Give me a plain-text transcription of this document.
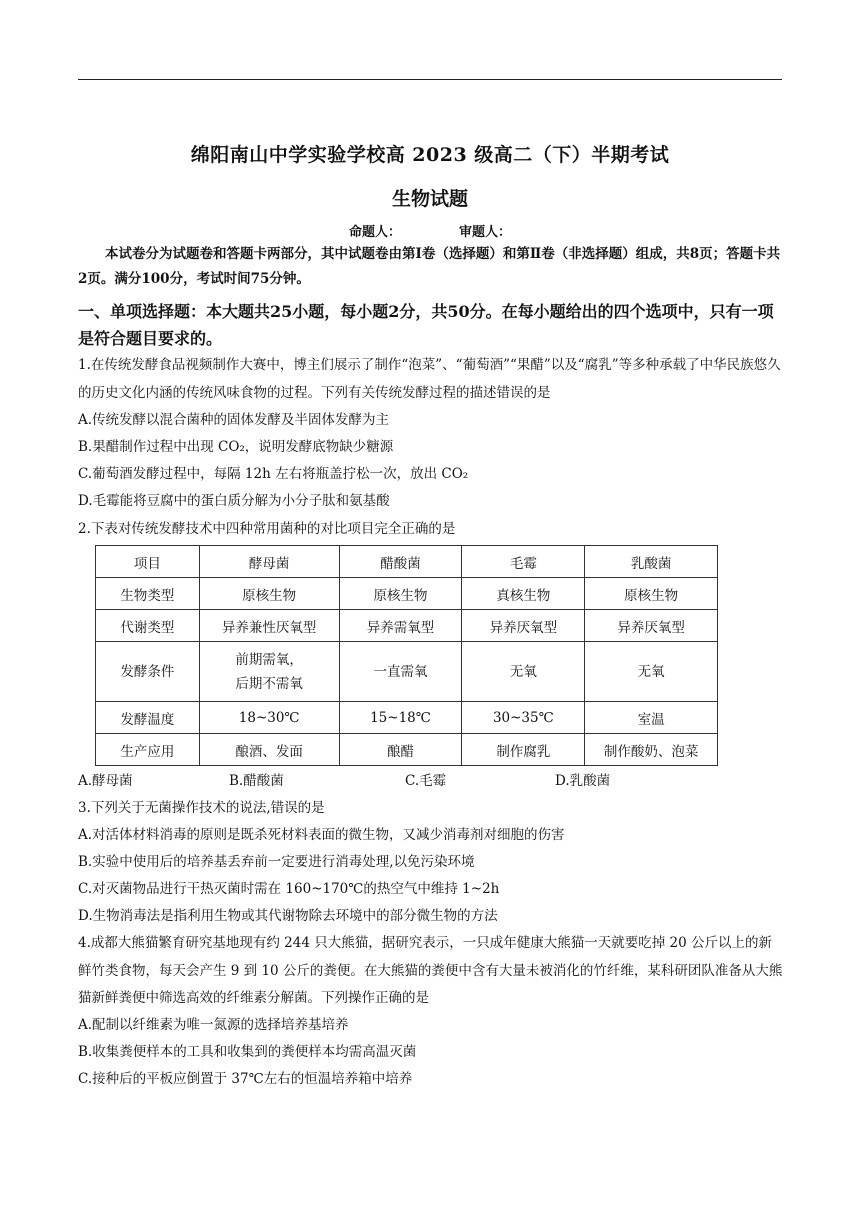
绵阳南山中学实验学校高 2023 级高二（下）半期考试
生物试题
命题人：	审题人：
本试卷分为试题卷和答题卡两部分，其中试题卷由第Ⅰ卷（选择题）和第Ⅱ卷（非选择题）组成，共8页；答题卡共2页。满分100分，考试时间75分钟。
一、单项选择题：本大题共25小题，每小题2分，共50分。在每小题给出的四个选项中，只有一项是符合题目要求的。
1.在传统发酵食品视频制作大赛中，博主们展示了制作“泡菜”、“葡萄酒”“果醋”以及“腐乳”等多种承载了中华民族悠久的历史文化内涵的传统风味食物的过程。下列有关传统发酵过程的描述错误的是
A.传统发酵以混合菌种的固体发酵及半固体发酵为主
B.果醋制作过程中出现 CO₂，说明发酵底物缺少糖源
C.葡萄酒发酵过程中，每隔 12h 左右将瓶盖拧松一次，放出 CO₂
D.毛霉能将豆腐中的蛋白质分解为小分子肽和氨基酸
2.下表对传统发酵技术中四种常用菌种的对比项目完全正确的是
项目	酵母菌	醋酸菌	毛霉	乳酸菌
生物类型	原核生物	原核生物	真核生物	原核生物
代谢类型	异养兼性厌氧型	异养需氧型	异养厌氧型	异养厌氧型
发酵条件	前期需氧，
后期不需氧	一直需氧	无氧	无氧
发酵温度	18~30℃	15~18℃	30~35℃	室温
生产应用	酿酒、发面	酿醋	制作腐乳	制作酸奶、泡菜
A.酵母菌	B.醋酸菌	C.毛霉	D.乳酸菌
3.下列关于无菌操作技术的说法,错误的是
A.对活体材料消毒的原则是既杀死材料表面的微生物，又减少消毒剂对细胞的伤害
B.实验中使用后的培养基丢弃前一定要进行消毒处理,以免污染环境
C.对灭菌物品进行干热灭菌时需在 160~170℃的热空气中维持 1~2h
D.生物消毒法是指利用生物或其代谢物除去环境中的部分微生物的方法
4.成都大熊猫繁育研究基地现有约 244 只大熊猫，据研究表示，一只成年健康大熊猫一天就要吃掉 20 公斤以上的新鲜竹类食物，每天会产生 9 到 10 公斤的粪便。在大熊猫的粪便中含有大量未被消化的竹纤维，某科研团队准备从大熊猫新鲜粪便中筛选高效的纤维素分解菌。下列操作正确的是
A.配制以纤维素为唯一氮源的选择培养基培养
B.收集粪便样本的工具和收集到的粪便样本均需高温灭菌
C.接种后的平板应倒置于 37℃左右的恒温培养箱中培养
